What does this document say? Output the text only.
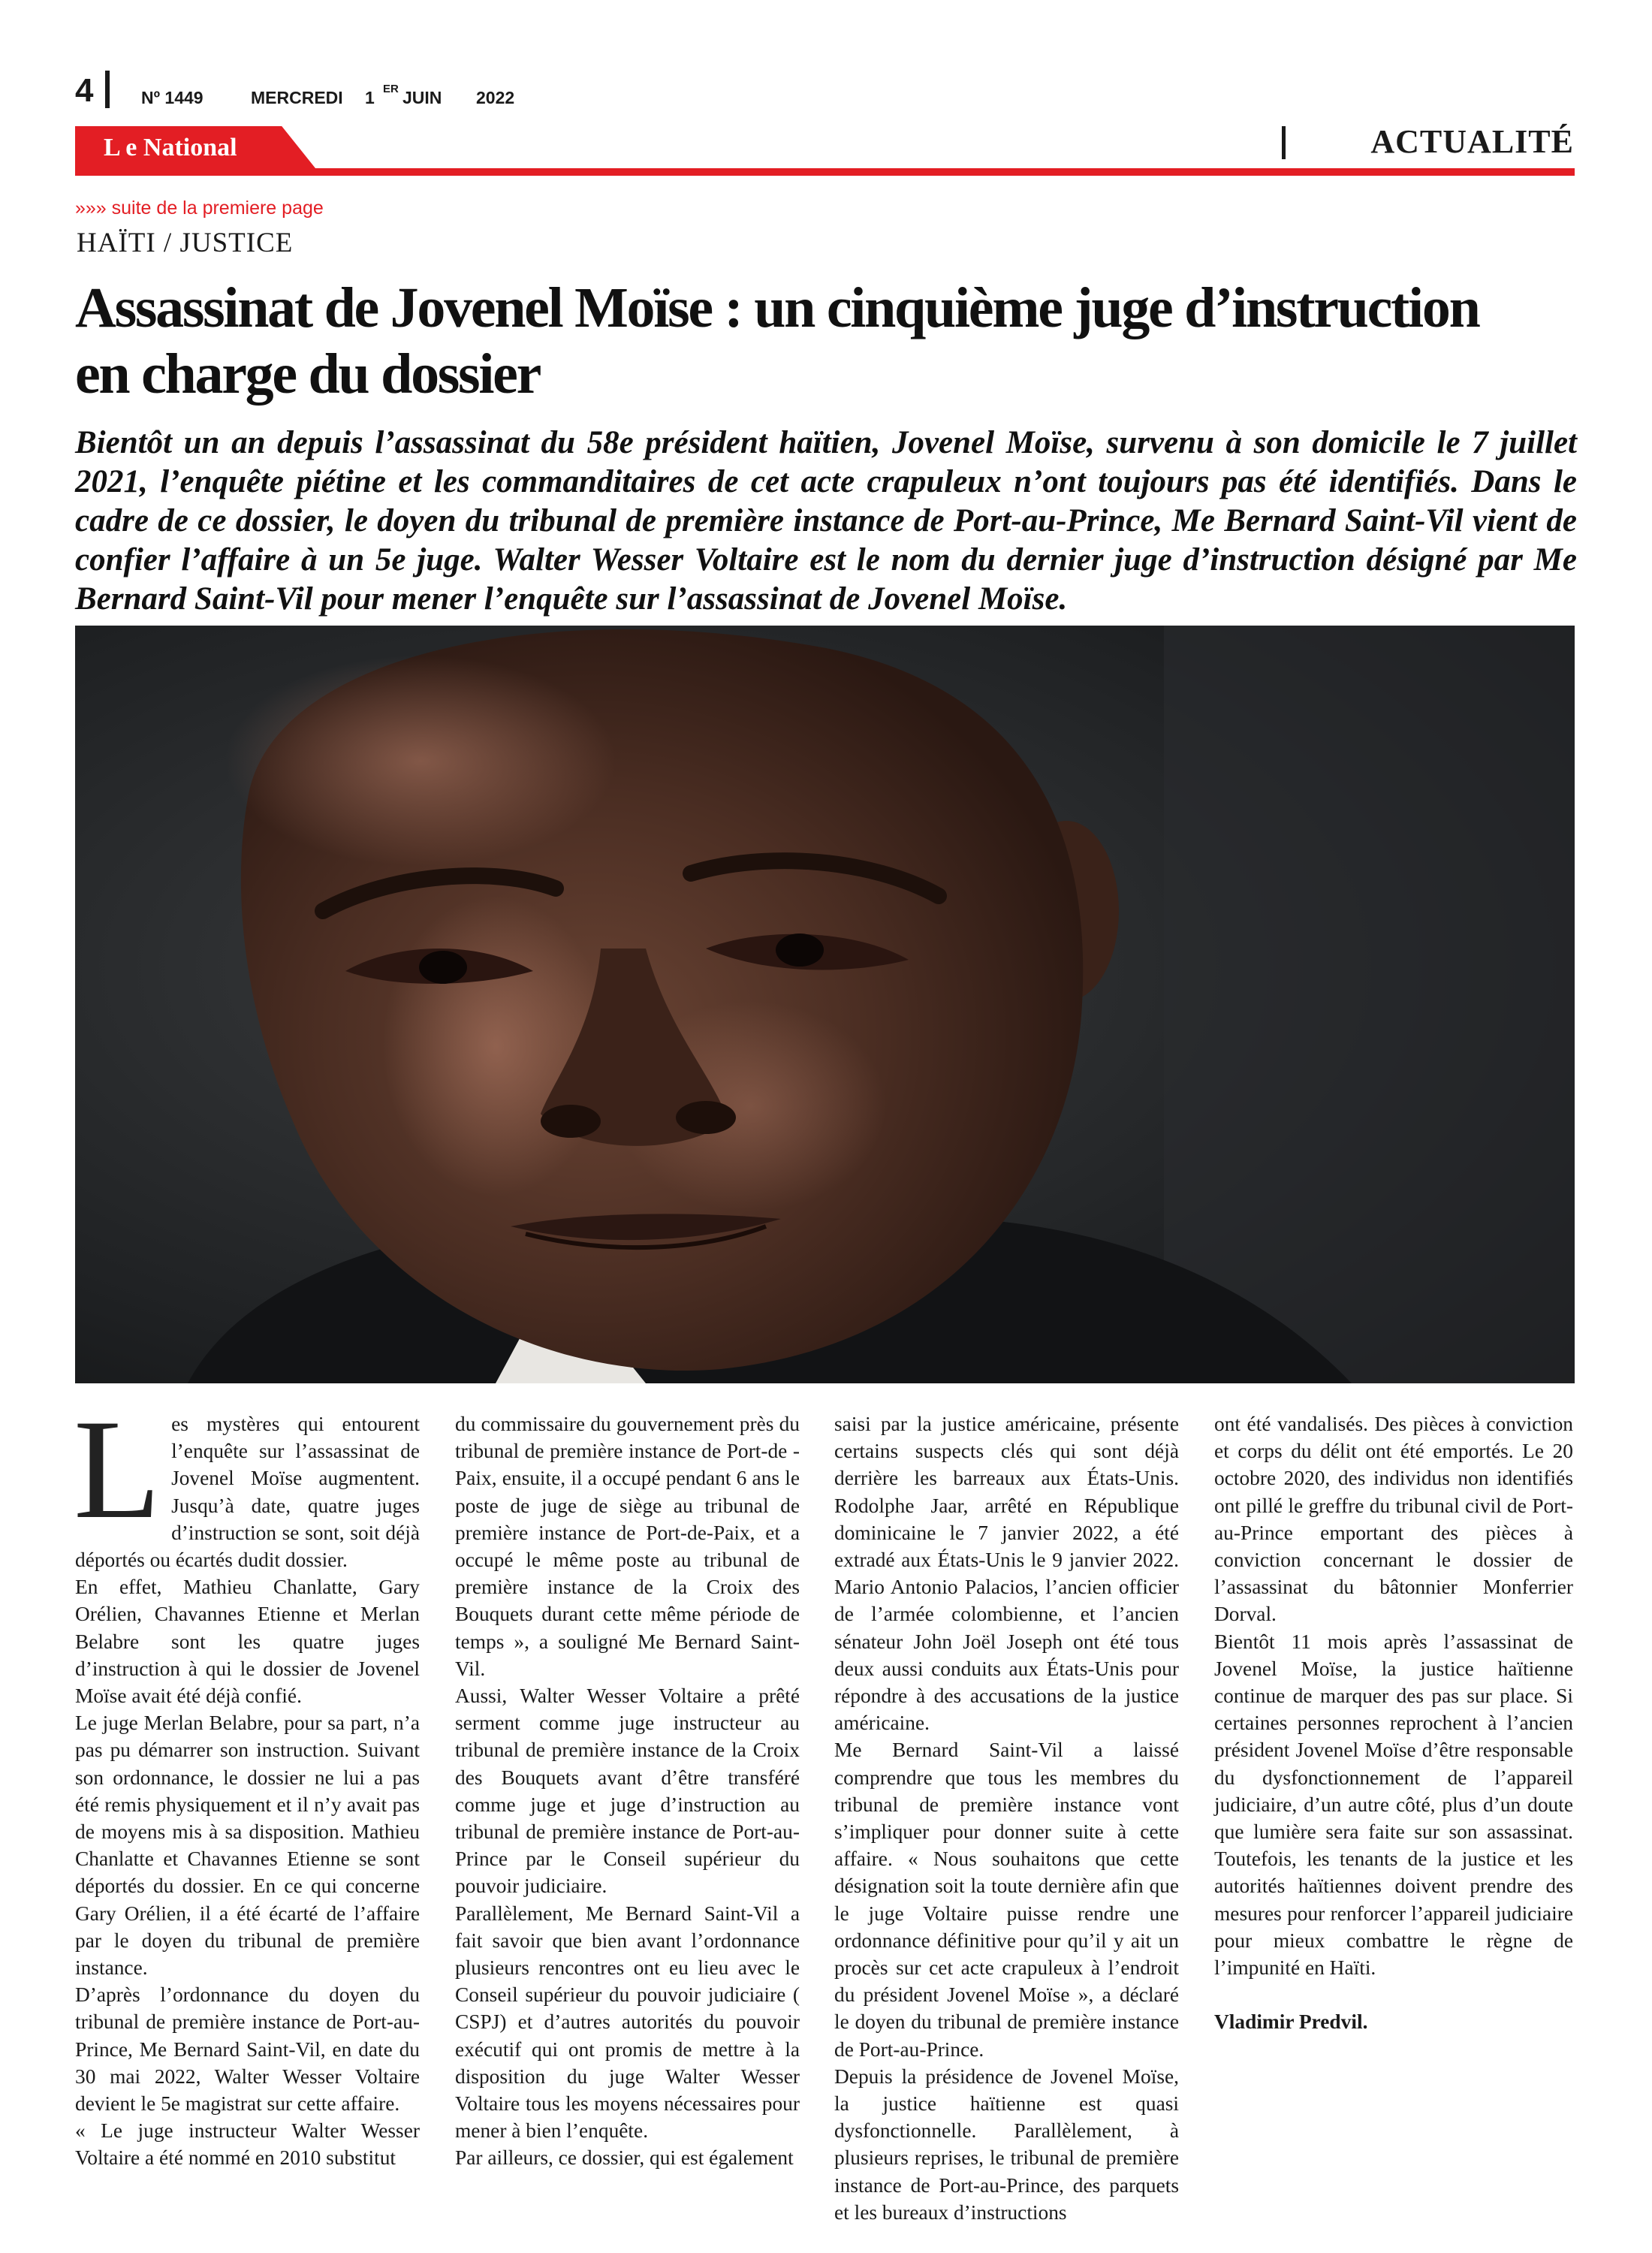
4	Nº 1449	MERCREDI 1 ER JUIN 2022
L e National	ACTUALITÉ
»»» suite de la premiere page
HAÏTI / JUSTICE
Assassinat de Jovenel Moïse : un cinquième juge d’instruction
en charge du dossier
Bientôt un an depuis l’assassinat du 58e président haïtien, Jovenel Moïse, survenu à son domicile le 7 juillet 2021, l’enquête piétine et les commanditaires de cet acte crapuleux n’ont toujours pas été identifiés. Dans le cadre de ce dossier, le doyen du tribunal de première instance de Port-au-Prince, Me Bernard Saint-Vil vient de confier l’affaire à un 5e juge. Walter Wesser Voltaire est le nom du dernier juge d’instruction désigné par Me Bernard Saint-Vil pour mener l’enquête sur l’assassinat de Jovenel Moïse.
L es mystères qui entourent l’enquête sur l’assassinat de Jovenel Moïse augmentent. Jusqu’à date, quatre juges d’instruction se sont, soit déjà déportés ou écartés dudit dossier.

En effet, Mathieu Chanlatte, Gary Orélien, Chavannes Etienne et Merlan Belabre sont les quatre juges d’instruction à qui le dossier de Jovenel Moïse avait été déjà confié.

Le juge Merlan Belabre, pour sa part, n’a pas pu démarrer son instruction. Suivant son ordonnance, le dossier ne lui a pas été remis physiquement et il n’y avait pas de moyens mis à sa disposition. Mathieu Chanlatte et Chavannes Etienne se sont déportés du dossier. En ce qui concerne Gary Orélien, il a été écarté de l’affaire par le doyen du tribunal de première instance.

D’après l’ordonnance du doyen du tribunal de première instance de Port-au-Prince, Me Bernard Saint-Vil, en date du 30 mai 2022, Walter Wesser Voltaire devient le 5e magistrat sur cette affaire.

« Le juge instructeur Walter Wesser Voltaire a été nommé en 2010 substitut

du commissaire du gouvernement près du tribunal de première instance de Port-de - Paix, ensuite, il a occupé pendant 6 ans le poste de juge de siège au tribunal de première instance de Port-de-Paix, et a occupé le même poste au tribunal de première instance de la Croix des Bouquets durant cette même période de temps », a souligné Me Bernard Saint-Vil.

Aussi, Walter Wesser Voltaire a prêté serment comme juge instructeur au tribunal de première instance de la Croix des Bouquets avant d’être transféré comme juge et juge d’instruction au tribunal de première instance de Port-au-Prince par le Conseil supérieur du pouvoir judiciaire.

Parallèlement, Me Bernard Saint-Vil a fait savoir que bien avant l’ordonnance plusieurs rencontres ont eu lieu avec le Conseil supérieur du pouvoir judiciaire ( CSPJ) et d’autres autorités du pouvoir exécutif qui ont promis de mettre à la disposition du juge Walter Wesser Voltaire tous les moyens nécessaires pour mener à bien l’enquête.

Par ailleurs, ce dossier, qui est également

saisi par la justice américaine, présente certains suspects clés qui sont déjà derrière les barreaux aux États-Unis. Rodolphe Jaar, arrêté en République dominicaine le 7 janvier 2022, a été extradé aux États-Unis le 9 janvier 2022. Mario Antonio Palacios, l’ancien officier de l’armée colombienne, et l’ancien sénateur John Joël Joseph ont été tous deux aussi conduits aux États-Unis pour répondre à des accusations de la justice américaine.

Me Bernard Saint-Vil a laissé comprendre que tous les membres du tribunal de première instance vont s’impliquer pour donner suite à cette affaire. « Nous souhaitons que cette désignation soit la toute dernière afin que le juge Voltaire puisse rendre une ordonnance définitive pour qu’il y ait un procès sur cet acte crapuleux à l’endroit du président Jovenel Moïse », a déclaré le doyen du tribunal de première instance de Port-au-Prince.

Depuis la présidence de Jovenel Moïse, la justice haïtienne est quasi dysfonctionnelle. Parallèlement, à plusieurs reprises, le tribunal de première instance de Port-au-Prince, des parquets et les bureaux d’instructions

ont été vandalisés. Des pièces à conviction et corps du délit ont été emportés. Le 20 octobre 2020, des individus non identifiés ont pillé le greffre du tribunal civil de Port-au-Prince emportant des pièces à conviction concernant le dossier de l’assassinat du bâtonnier Monferrier Dorval.

Bientôt 11 mois après l’assassinat de Jovenel Moïse, la justice haïtienne continue de marquer des pas sur place. Si certaines personnes reprochent à l’ancien président Jovenel Moïse d’être responsable du dysfonctionnement de l’appareil judiciaire, d’un autre côté, plus d’un doute que lumière sera faite sur son assassinat. Toutefois, les tenants de la justice et les autorités haïtiennes doivent prendre des mesures pour renforcer l’appareil judiciaire pour mieux combattre le règne de l’impunité en Haïti.

Vladimir Predvil.
